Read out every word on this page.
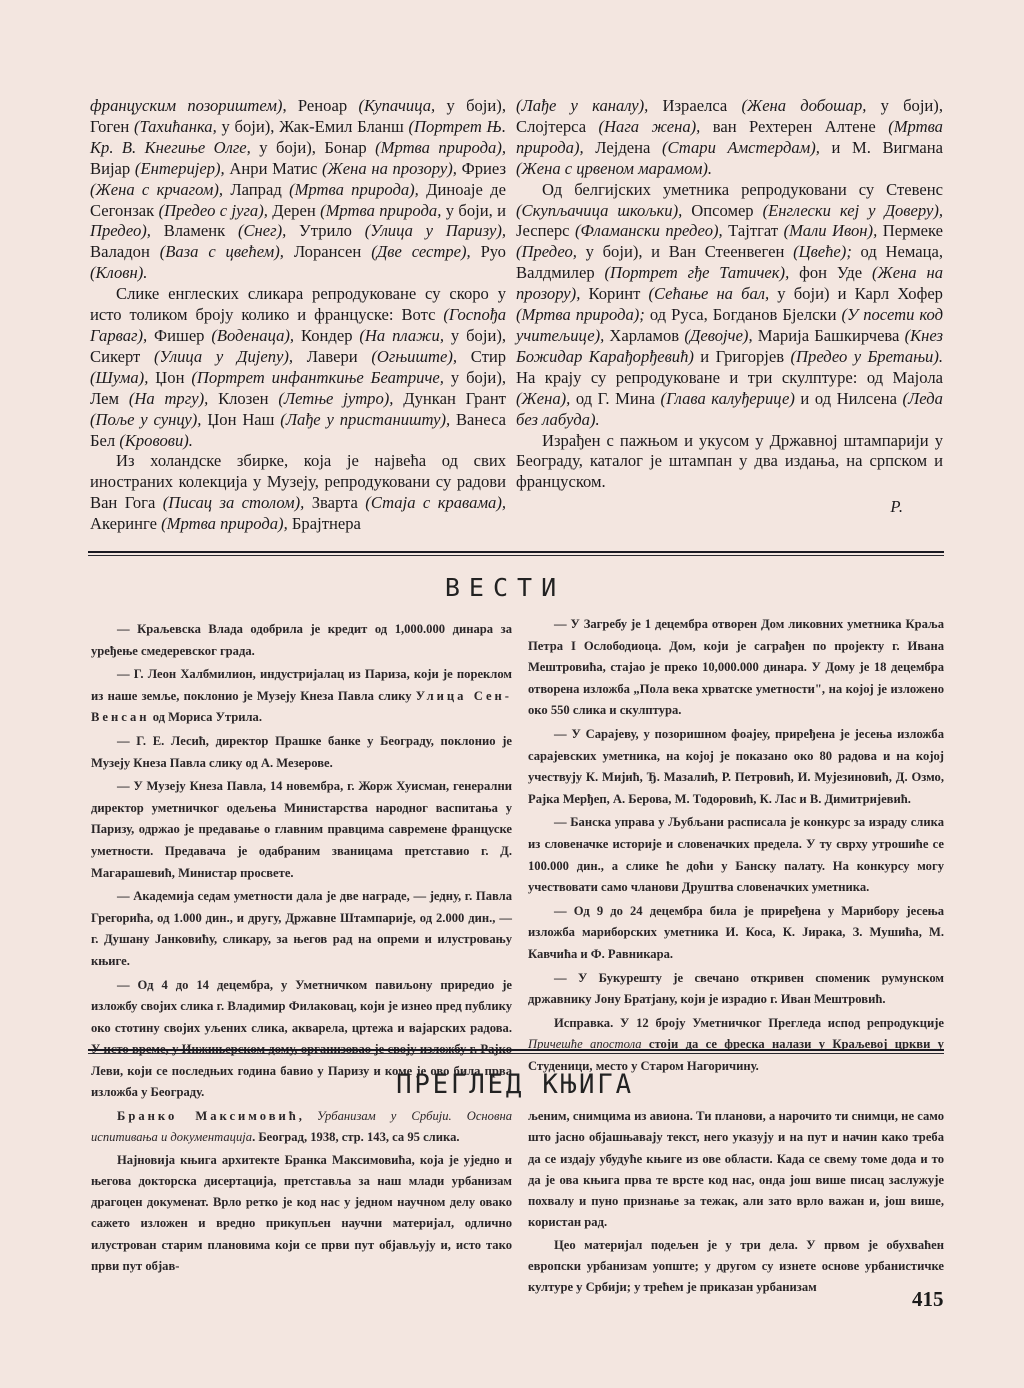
француским позориштем), Реноар (Купачица, у боји), Гоген (Тахићанка, у боји), Жак-Емил Бланш (Портрет Њ. Кр. В. Кнегиње Олге, у боји), Бонар (Мртва природа), Вијар (Ентеријер), Анри Матис (Жена на прозору), Фриез (Жена с крчагом), Лапрад (Мртва природа), Диноаје де Сегонзак (Предео с југа), Дерен (Мртва природа, у боји, и Предео), Вламенк (Снег), Утрило (Улица у Паризу), Валадон (Ваза с цвећем), Лорансен (Две сестре), Руо (Кловн).

Слике енглеских сликара репродуковане су скоро у исто толиком броју колико и француске: Вотс (Госпођа Гарваг), Фишер (Воденаца), Кондер (На плажи, у боји), Сикерт (Улица у Дијепу), Лавери (Огњиште), Стир (Шума), Џон (Портрет инфанткиње Беатриче, у боји), Лем (На тргу), Клозен (Летње јутро), Дункан Грант (Поље у сунцу), Џон Наш (Лађе у пристаништу), Ванеса Бел (Кровови).

Из холандске збирке, која је највећа од свих иностраних колекција у Музеју, репродуковани су радови Ван Гога (Писац за столом), Зварта (Стаја с кравама), Акеринге (Мртва природа), Брајтнера

(Лађе у каналу), Израелса (Жена добошар, у боји), Слојтерса (Нага жена), ван Рехтерен Алтене (Мртва природа), Лејдена (Стари Амстердам), и М. Вигмана (Жена с црвеном марамом).

Од белгијских уметника репродуковани су Стевенс (Скупљачица шкољки), Опсомер (Енглески кеј у Доверу), Јесперс (Фламански предео), Тајтгат (Мали Ивон), Пермеке (Предео, у боји), и Ван Стеенвеген (Цвеће); од Немаца, Валдмилер (Портрет гђе Татичек), фон Уде (Жена на прозору), Коринт (Сећање на бал, у боји) и Карл Хофер (Мртва природа); од Руса, Богданов Бјелски (У посети код учитељице), Харламов (Девојче), Марија Башкирчева (Кнез Божидар Карађорђевић) и Григорјев (Предео у Бретањи). На крају су репродуковане и три скулптуре: од Мајола (Жена), од Г. Мина (Глава калуђерице) и од Нилсена (Леда без лабуда).

Израђен с пажњом и укусом у Државној штампарији у Београду, каталог је штампан у два издања, на српском и француском.

Р.

ВЕСТИ

— Краљевска Влада одобрила је кредит од 1,000.000 динара за уређење смедеревског града.

— Г. Леон Халбмилион, индустријалац из Париза, који је пореклом из наше земље, поклонио је Музеју Кнеза Павла слику Улица Сен-Венсан од Мориса Утрила.

— Г. Е. Лесић, директор Прашке банке у Београду, поклонио је Музеју Кнеза Павла слику од А. Мезерове.

— У Музеју Кнеза Павла, 14 новембра, г. Жорж Хуисман, генерални директор уметничког одељења Министарства народног васпитања у Паризу, одржао је предавање о главним правцима савремене француске уметности. Предавача је одабраним званицама претставио г. Д. Магарашевић, Министар просвете.

— Академија седам уметности дала је две награде, — једну, г. Павла Грегорића, од 1.000 дин., и другу, Државне Штампарије, од 2.000 дин., — г. Душану Јанковићу, сликару, за његов рад на опреми и илустровању књиге.

— Од 4 до 14 децембра, у Уметничком павиљону приредио је изложбу својих слика г. Владимир Филаковац, који је изнео пред публику око стотину својих уљених слика, акварела, цртежа и вајарских радова. У исто време, у Инжињерском дому, организовао је своју изложбу г. Рајко Леви, који се последњих година бавио у Паризу и коме је ово била прва изложба у Београду.

— У Загребу је 1 децембра отворен Дом ликовних уметника Краља Петра I Ослободиоца. Дом, који је саграђен по пројекту г. Ивана Мештровића, стајао је преко 10,000.000 динара. У Дому је 18 децембра отворена изложба „Пола века хрватске уметности", на којој је изложено око 550 слика и скулптура.

— У Сарајеву, у позоришном фоајеу, приређена је јесења изложба сарајевских уметника, на којој је показано око 80 радова и на којој учествују К. Мијић, Ђ. Мазалић, Р. Петровић, И. Мујезиновић, Д. Озмо, Рајка Мерђеп, А. Берова, М. Тодоровић, К. Лас и В. Димитријевић.

— Банска управа у Љубљани расписала је конкурс за израду слика из словеначке историје и словеначких предела. У ту сврху утрошиће се 100.000 дин., а слике ће доћи у Банску палату. На конкурсу могу учествовати само чланови Друштва словеначких уметника.

— Од 9 до 24 децембра била је приређена у Марибору јесења изложба мариборских уметника И. Коса, К. Јирака, З. Мушића, М. Кавчића и Ф. Равникара.

— У Букурешту је свечано откривен споменик румунском државнику Јону Братјану, који је израдио г. Иван Мештровић.

Исправка. У 12 броју Уметничког Прегледа испод репродукције Причешће апостола стоји да се фреска налази у Краљевој цркви у Студеници, место у Старом Нагоричину.

ПРЕГЛЕД КЊИГА

Бранко Максимовић, Урбанизам у Србији. Основна испитивања и документација. Београд, 1938, стр. 143, са 95 слика.

Најновија књига архитекте Бранка Максимовића, која је уједно и његова докторска дисертација, претставља за наш млади урбанизам драгоцен докуменат. Врло ретко је код нас у једном научном делу овако сажето изложен и вредно прикупљен научни материјал, одлично илустрован старим плановима који се први пут објављују и, исто тако први пут објав-

љеним, снимцима из авиона. Ти планови, а нарочито ти снимци, не само што јасно објашњавају текст, него указују и на пут и начин како треба да се издају убудуће књиге из ове области. Када се свему томе дода и то да је ова књига прва те врсте код нас, онда још више писац заслужује похвалу и пуно признање за тежак, али зато врло важан и, још више, користан рад.

Цео материјал подељен је у три дела. У првом је обухваћен европски урбанизам уопште; у другом су изнете основе урбанистичке културе у Србији; у трећем је приказан урбанизам	415
